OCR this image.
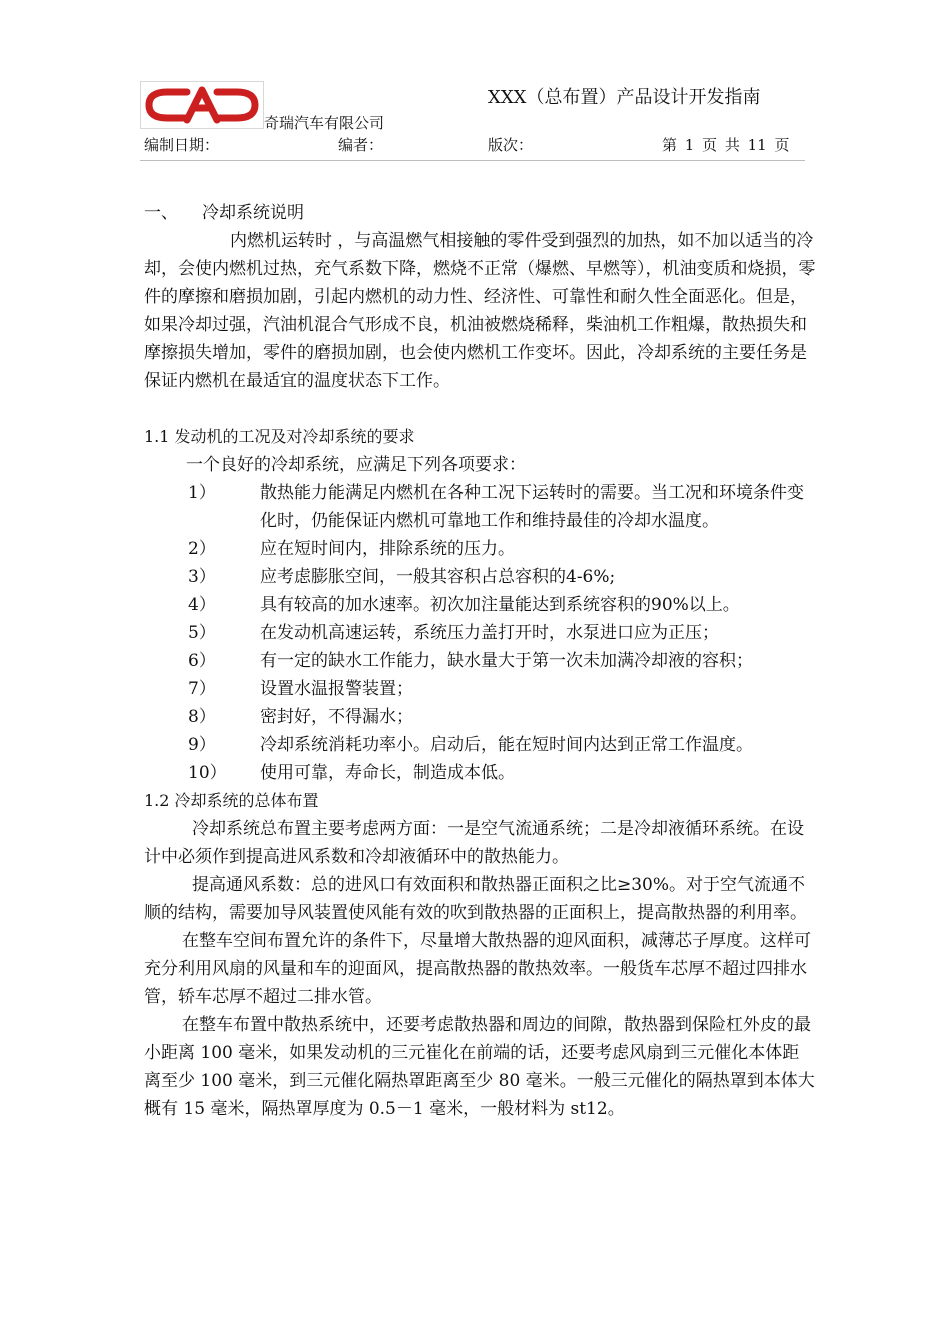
XXX（总布置）产品设计开发指南
奇瑞汽车有限公司
编制日期：	编者：	版次：	第 1 页 共 11 页
一、	冷却系统说明

内燃机运转时 ，与高温燃气相接触的零件受到强烈的加热，如不加以适当的冷却，会使内燃机过热，充气系数下降，燃烧不正常（爆燃、早燃等），机油变质和烧损，零件的摩擦和磨损加剧，引起内燃机的动力性、经济性、可靠性和耐久性全面恶化。但是，如果冷却过强，汽油机混合气形成不良，机油被燃烧稀释，柴油机工作粗爆，散热损失和摩擦损失增加，零件的磨损加剧，也会使内燃机工作变坏。因此，冷却系统的主要任务是保证内燃机在最适宜的温度状态下工作。

1.1 发动机的工况及对冷却系统的要求

一个良好的冷却系统，应满足下列各项要求：

1）	散热能力能满足内燃机在各种工况下运转时的需要。当工况和环境条件变化时，仍能保证内燃机可靠地工作和维持最佳的冷却水温度。
2）	应在短时间内，排除系统的压力。
3）	应考虑膨胀空间，一般其容积占总容积的4-6%;
4）	具有较高的加水速率。初次加注量能达到系统容积的90%以上。
5）	在发动机高速运转，系统压力盖打开时，水泵进口应为正压；
6）	有一定的缺水工作能力，缺水量大于第一次未加满冷却液的容积；
7）	设置水温报警装置；
8）	密封好，不得漏水；
9）	冷却系统消耗功率小。启动后，能在短时间内达到正常工作温度。
10）	使用可靠，寿命长，制造成本低。

1.2 冷却系统的总体布置

冷却系统总布置主要考虑两方面：一是空气流通系统；二是冷却液循环系统。在设计中必须作到提高进风系数和冷却液循环中的散热能力。

提高通风系数：总的进风口有效面积和散热器正面积之比≥30%。对于空气流通不顺的结构，需要加导风装置使风能有效的吹到散热器的正面积上，提高散热器的利用率。

在整车空间布置允许的条件下，尽量增大散热器的迎风面积，减薄芯子厚度。这样可充分利用风扇的风量和车的迎面风，提高散热器的散热效率。一般货车芯厚不超过四排水管，轿车芯厚不超过二排水管。

在整车布置中散热系统中，还要考虑散热器和周边的间隙，散热器到保险杠外皮的最小距离 100 毫米，如果发动机的三元崔化在前端的话，还要考虑风扇到三元催化本体距离至少 100 毫米，到三元催化隔热罩距离至少 80 毫米。一般三元催化的隔热罩到本体大概有 15 毫米，隔热罩厚度为 0.5－1 毫米，一般材料为 st12。
